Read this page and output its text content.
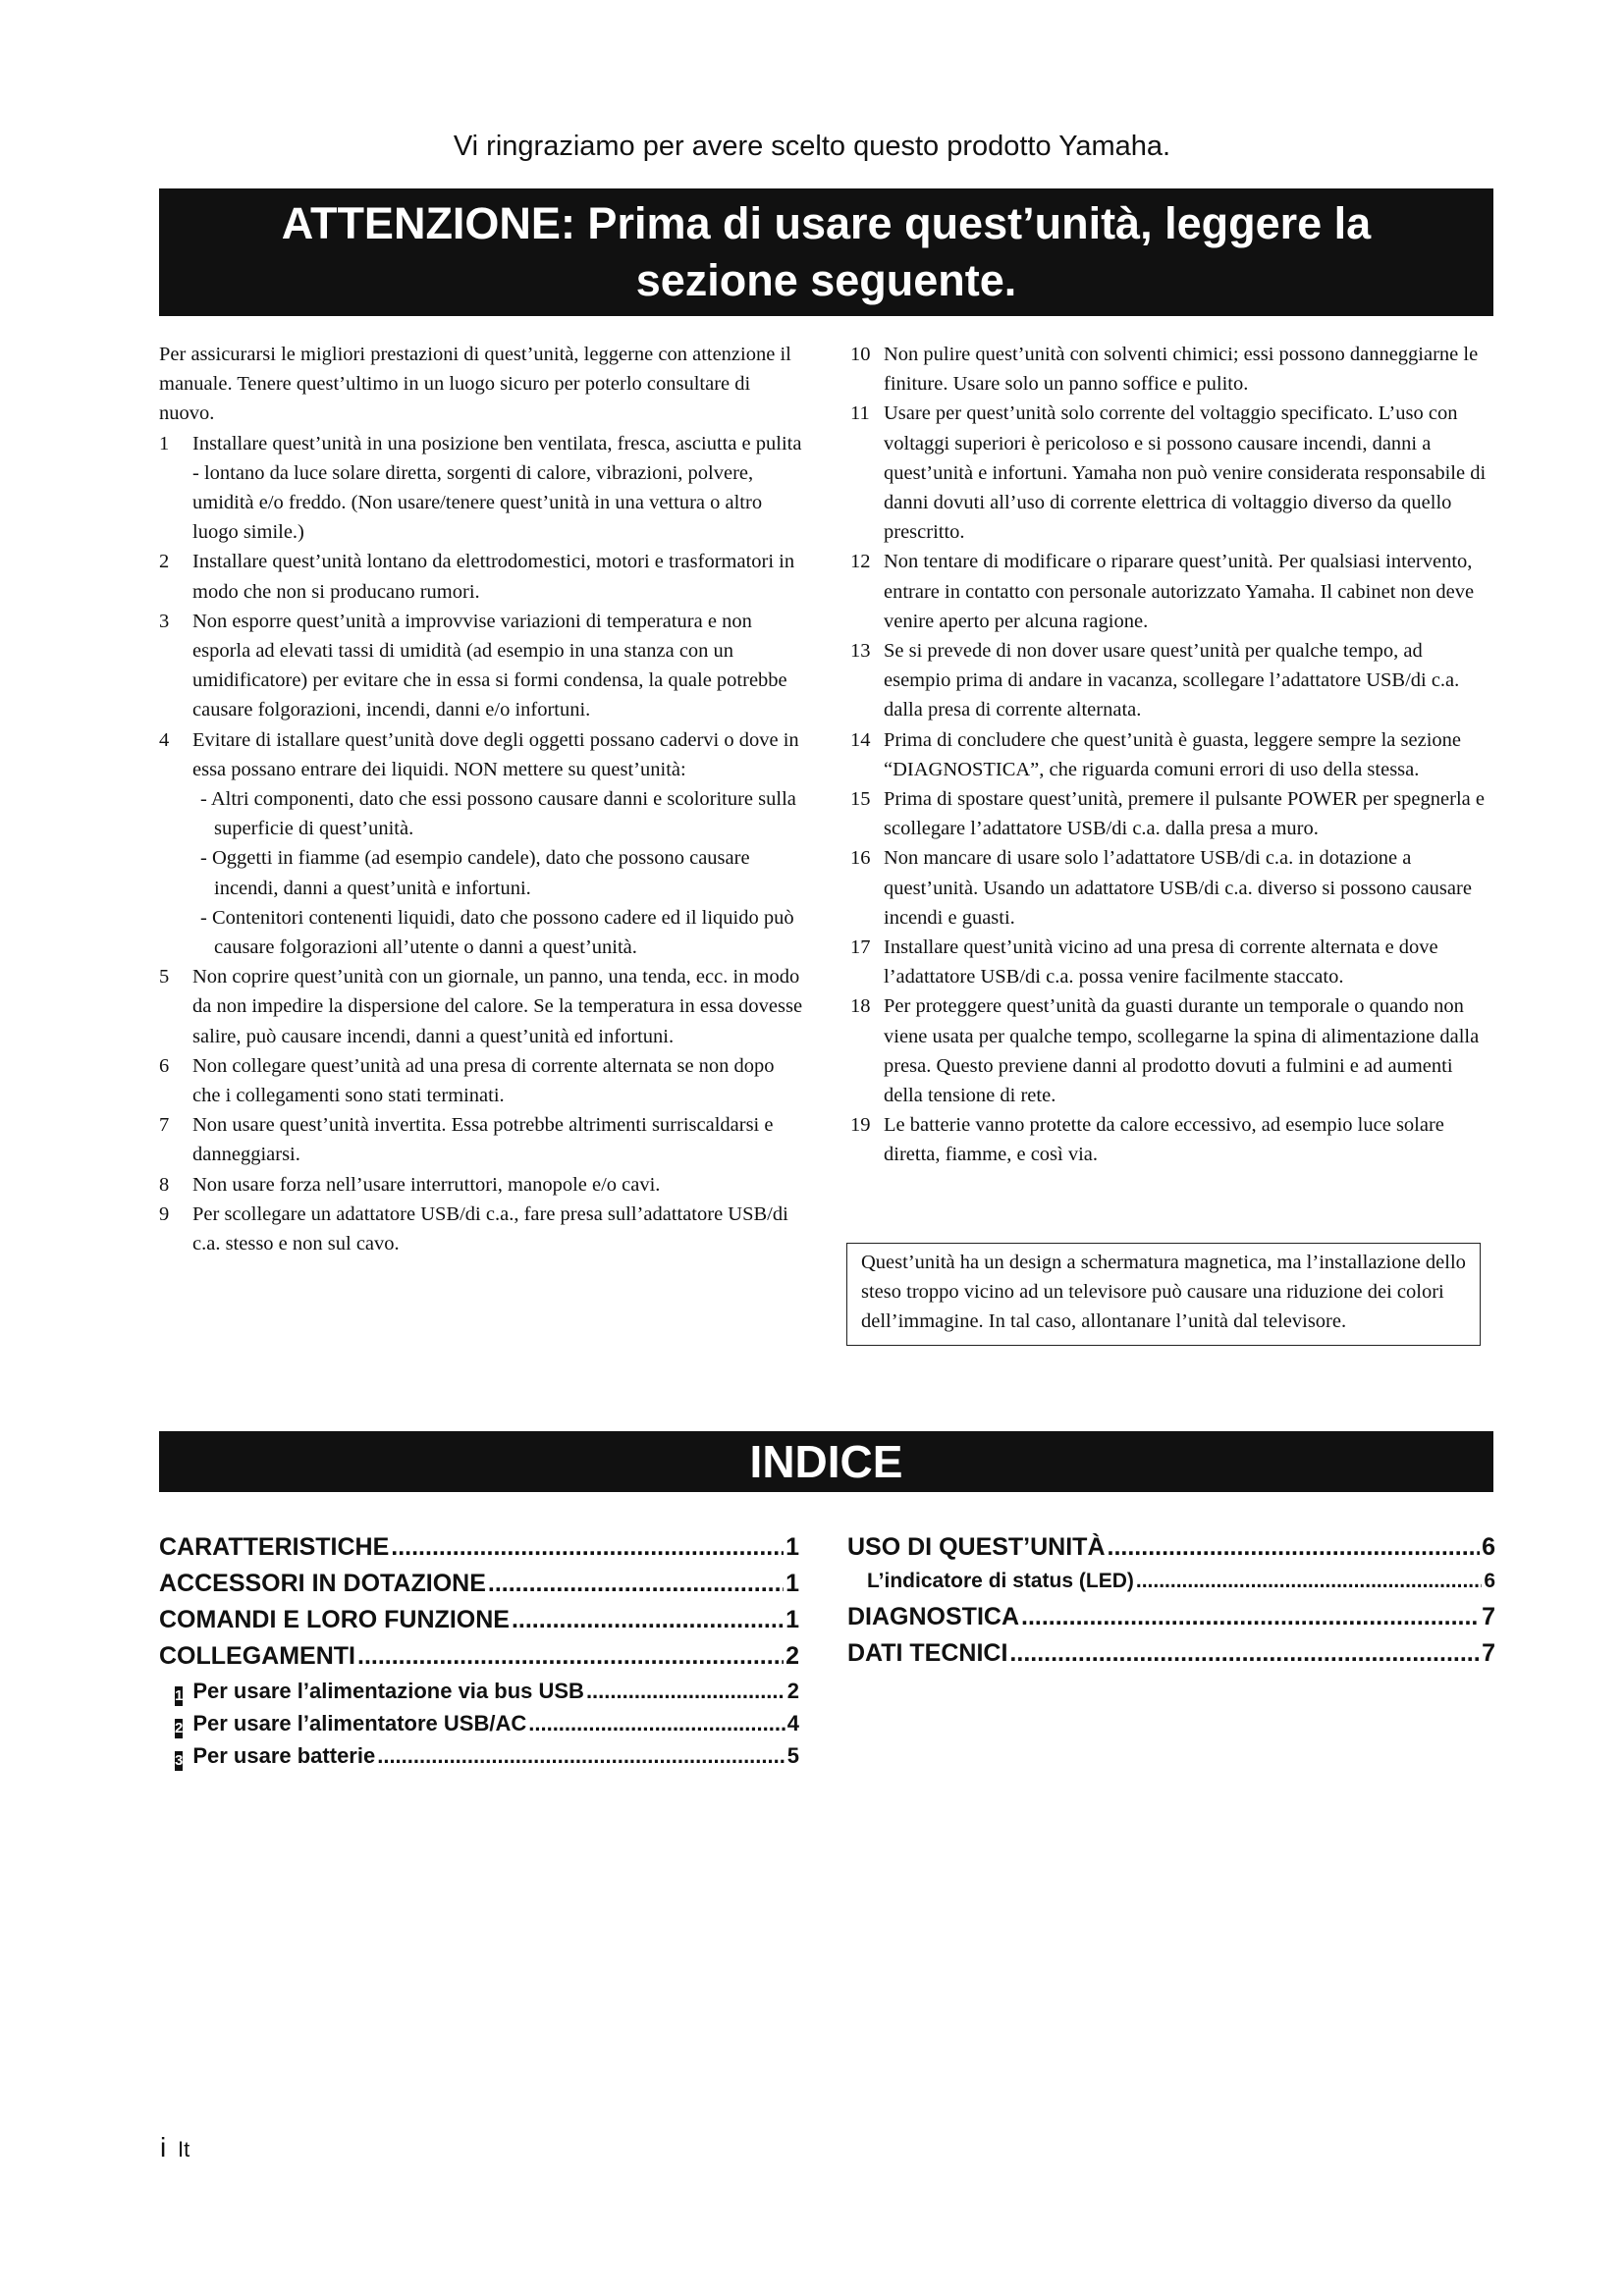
Vi ringraziamo per avere scelto questo prodotto Yamaha.
ATTENZIONE: Prima di usare quest’unità, leggere la sezione seguente.

Per assicurarsi le migliori prestazioni di quest’unità, leggerne con attenzione il manuale. Tenere quest’ultimo in un luogo sicuro per poterlo consultare di nuovo.

1 Installare quest’unità in una posizione ben ventilata, fresca, asciutta e pulita - lontano da luce solare diretta, sorgenti di calore, vibrazioni, polvere, umidità e/o freddo. (Non usare/tenere quest’unità in una vettura o altro luogo simile.)

2 Installare quest’unità lontano da elettrodomestici, motori e trasformatori in modo che non si producano rumori.

3 Non esporre quest’unità a improvvise variazioni di temperatura e non esporla ad elevati tassi di umidità (ad esempio in una stanza con un umidificatore) per evitare che in essa si formi condensa, la quale potrebbe causare folgorazioni, incendi, danni e/o infortuni.

4 Evitare di istallare quest’unità dove degli oggetti possano cadervi o dove in essa possano entrare dei liquidi. NON mettere su quest’unità:

- Altri componenti, dato che essi possono causare danni e scoloriture sulla superficie di quest’unità.

- Oggetti in fiamme (ad esempio candele), dato che possono causare incendi, danni a quest’unità e infortuni.

- Contenitori contenenti liquidi, dato che possono cadere ed il liquido può causare folgorazioni all’utente o danni a quest’unità.

5 Non coprire quest’unità con un giornale, un panno, una tenda, ecc. in modo da non impedire la dispersione del calore. Se la temperatura in essa dovesse salire, può causare incendi, danni a quest’unità ed infortuni.

6 Non collegare quest’unità ad una presa di corrente alternata se non dopo che i collegamenti sono stati terminati.

7 Non usare quest’unità invertita. Essa potrebbe altrimenti surriscaldarsi e danneggiarsi.

8 Non usare forza nell’usare interruttori, manopole e/o cavi.

9 Per scollegare un adattatore USB/di c.a., fare presa sull’adattatore USB/di c.a. stesso e non sul cavo.

10 Non pulire quest’unità con solventi chimici; essi possono danneggiarne le finiture. Usare solo un panno soffice e pulito.

11 Usare per quest’unità solo corrente del voltaggio specificato. L’uso con voltaggi superiori è pericoloso e si possono causare incendi, danni a quest’unità e infortuni. Yamaha non può venire considerata responsabile di danni dovuti all’uso di corrente elettrica di voltaggio diverso da quello prescritto.

12 Non tentare di modificare o riparare quest’unità. Per qualsiasi intervento, entrare in contatto con personale autorizzato Yamaha. Il cabinet non deve venire aperto per alcuna ragione.

13 Se si prevede di non dover usare quest’unità per qualche tempo, ad esempio prima di andare in vacanza, scollegare l’adattatore USB/di c.a. dalla presa di corrente alternata.

14 Prima di concludere che quest’unità è guasta, leggere sempre la sezione “DIAGNOSTICA”, che riguarda comuni errori di uso della stessa.

15 Prima di spostare quest’unità, premere il pulsante POWER per spegnerla e scollegare l’adattatore USB/di c.a. dalla presa a muro.

16 Non mancare di usare solo l’adattatore USB/di c.a. in dotazione a quest’unità. Usando un adattatore USB/di c.a. diverso si possono causare incendi e guasti.

17 Installare quest’unità vicino ad una presa di corrente alternata e dove l’adattatore USB/di c.a. possa venire facilmente staccato.

18 Per proteggere quest’unità da guasti durante un temporale o quando non viene usata per qualche tempo, scollegarne la spina di alimentazione dalla presa. Questo previene danni al prodotto dovuti a fulmini e ad aumenti della tensione di rete.

19 Le batterie vanno protette da calore eccessivo, ad esempio luce solare diretta, fiamme, e così via.

Quest’unità ha un design a schermatura magnetica, ma l’installazione dello steso troppo vicino ad un televisore può causare una riduzione dei colori dell’immagine. In tal caso, allontanare l’unità dal televisore.
INDICE
CARATTERISTICHE .....	1
ACCESSORI IN DOTAZIONE .....	1
COMANDI E LORO FUNZIONE .....	1
COLLEGAMENTI .....	2
1 Per usare l’alimentazione via bus USB .....	2
2 Per usare l’alimentatore USB/AC .....	4
3 Per usare batterie .....	5
USO DI QUEST’UNITÀ .....	6
L’indicatore di status (LED) .....	6
DIAGNOSTICA .....	7
DATI TECNICI .....	7
i It
